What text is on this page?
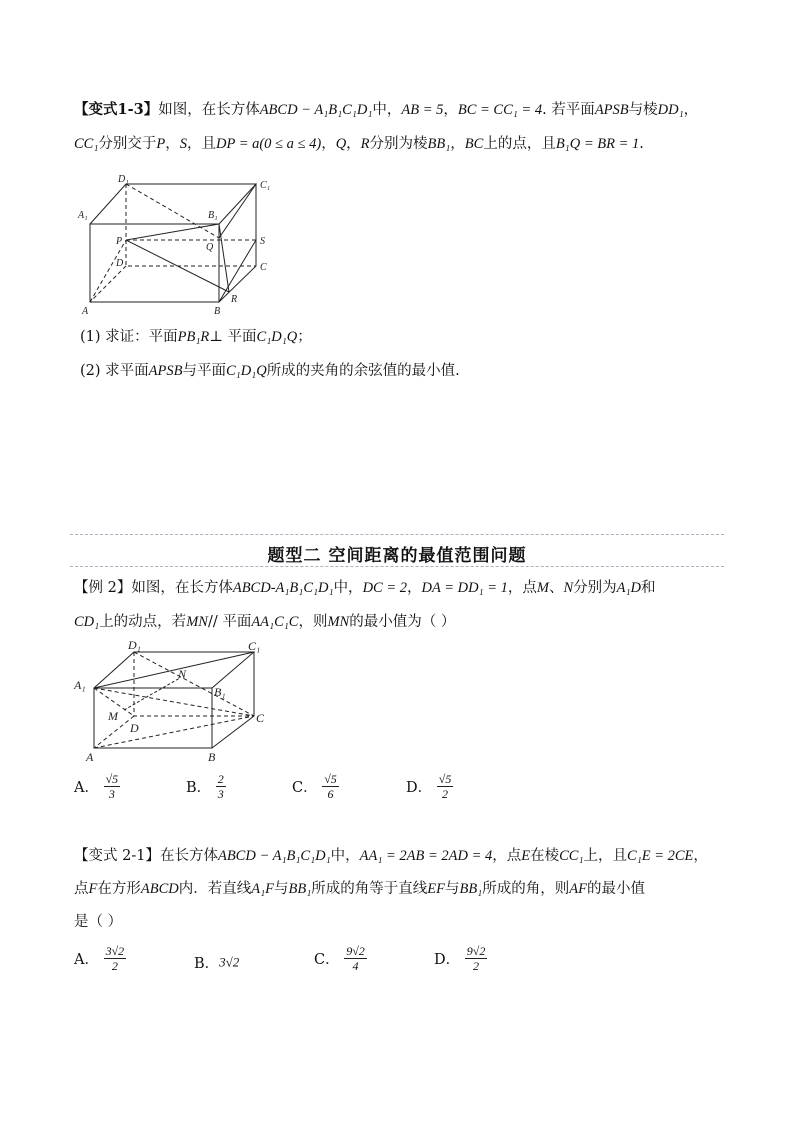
【变式1-3】如图，在长方体ABCD − A₁B₁C₁D₁中，AB = 5，BC = CC₁ = 4. 若平面APSB与棱DD₁，
CC₁分别交于P，S，且DP = a(0 ≤ a ≤ 4)，Q，R分别为棱BB₁，BC上的点，且B₁Q = BR = 1.
D₁
C₁
A₁	B₁
P
Q
S
D	C
A	B
R
(1) 求证：平面PB₁R⊥ 平面C₁D₁Q；
(2) 求平面APSB与平面C₁D₁Q所成的夹角的余弦值的最小值.
题型二 空间距离的最值范围问题
【例 2】如图，在长方体ABCD-A₁B₁C₁D₁中，DC = 2，DA = DD₁ = 1，点M、N分别为A₁D和
CD₁上的动点，若MN// 平面AA₁C₁C，则MN的最小值为（ ）
D₁	C₁
A₁
N
B₁
M
D
C
A	B
A． $\frac{√5}{3}$	B． $\frac{2}{3}$	C． $\frac{√5}{6}$	D． $\frac{√5}{2}$
【变式 2-1】在长方体ABCD − A₁B₁C₁D₁中，AA₁ = 2AB = 2AD = 4，点E在棱CC₁上，且C₁E = 2CE，
点F在方形ABCD内．若直线A₁F与BB₁所成的角等于直线EF与BB₁所成的角，则AF的最小值
是（ ）
A． $\frac{3√2}{2}$	B．3√2	C． $\frac{9√2}{4}$	D． $\frac{9√2}{2}$
